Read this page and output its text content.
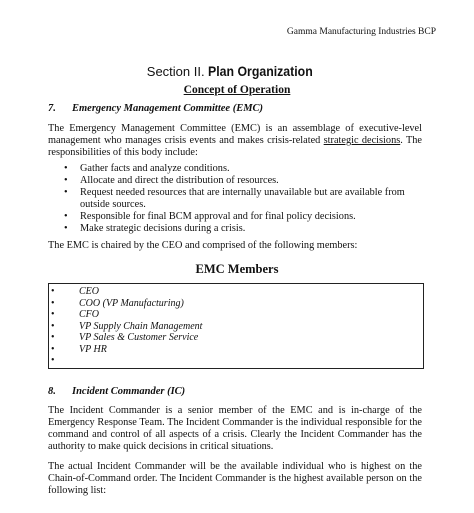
Gamma Manufacturing Industries BCP
Section II. Plan Organization
Concept of Operation
7. Emergency Management Committee (EMC)
The Emergency Management Committee (EMC) is an assemblage of executive-level management who manages crisis events and makes crisis-related strategic decisions. The responsibilities of this body include:
• Gather facts and analyze conditions.
• Allocate and direct the distribution of resources.
• Request needed resources that are internally unavailable but are available from outside sources.
• Responsible for final BCM approval and for final policy decisions.
• Make strategic decisions during a crisis.
The EMC is chaired by the CEO and comprised of the following members:
EMC Members
• CEO
• COO (VP Manufacturing)
• CFO
• VP Supply Chain Management
• VP Sales & Customer Service
• VP HR
•
8. Incident Commander (IC)
The Incident Commander is a senior member of the EMC and is in-charge of the Emergency Response Team. The Incident Commander is the individual responsible for the command and control of all aspects of a crisis. Clearly the Incident Commander has the authority to make quick decisions in critical situations.
The actual Incident Commander will be the available individual who is highest on the Chain-of-Command order. The Incident Commander is the highest available person on the following list:
